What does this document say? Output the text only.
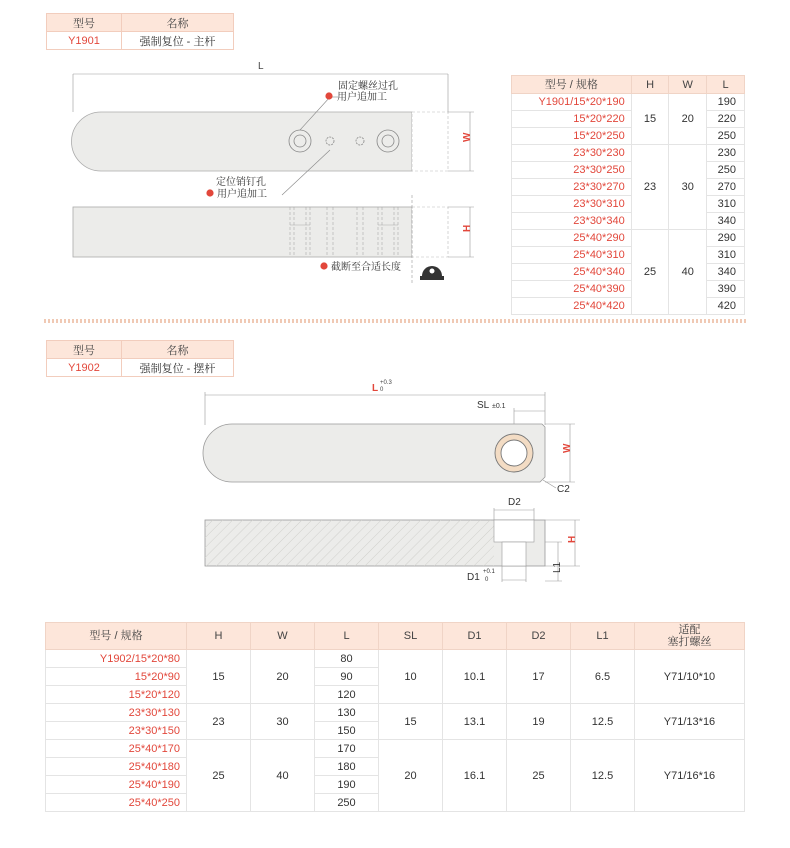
型号	名称
Y1901	强制复位 - 主杆
L
W
固定螺丝过孔
用户追加工
定位销钉孔
用户追加工
H
截断至合适长度
型号 / 规格	H	W	L
Y1901/15*20*190	15	20	190
15*20*220			220
15*20*250			250
23*30*230	23	30	230
23*30*250			250
23*30*270			270
23*30*310			310
23*30*340			340
25*40*290	25	40	290
25*40*310			310
25*40*340			340
25*40*390			390
25*40*420			420
型号	名称
Y1902	强制复位 - 摆杆
L +0.3
0
SL ±0.1
W
C2
D2
H
L1
D1 +0.1
0
型号 / 规格	H	W	L	SL	D1	D2	L1	适配
塞打螺丝

Y1902/15*20*80	15	20	80	10	10.1	17	6.5	Y71/10*10
15*20*90			90					
15*20*120			120					
23*30*130	23	30	130	15	13.1	19	12.5	Y71/13*16
23*30*150			150					
25*40*170	25	40	170	20	16.1	25	12.5	Y71/16*16
25*40*180			180					
25*40*190			190					
25*40*250			250					
